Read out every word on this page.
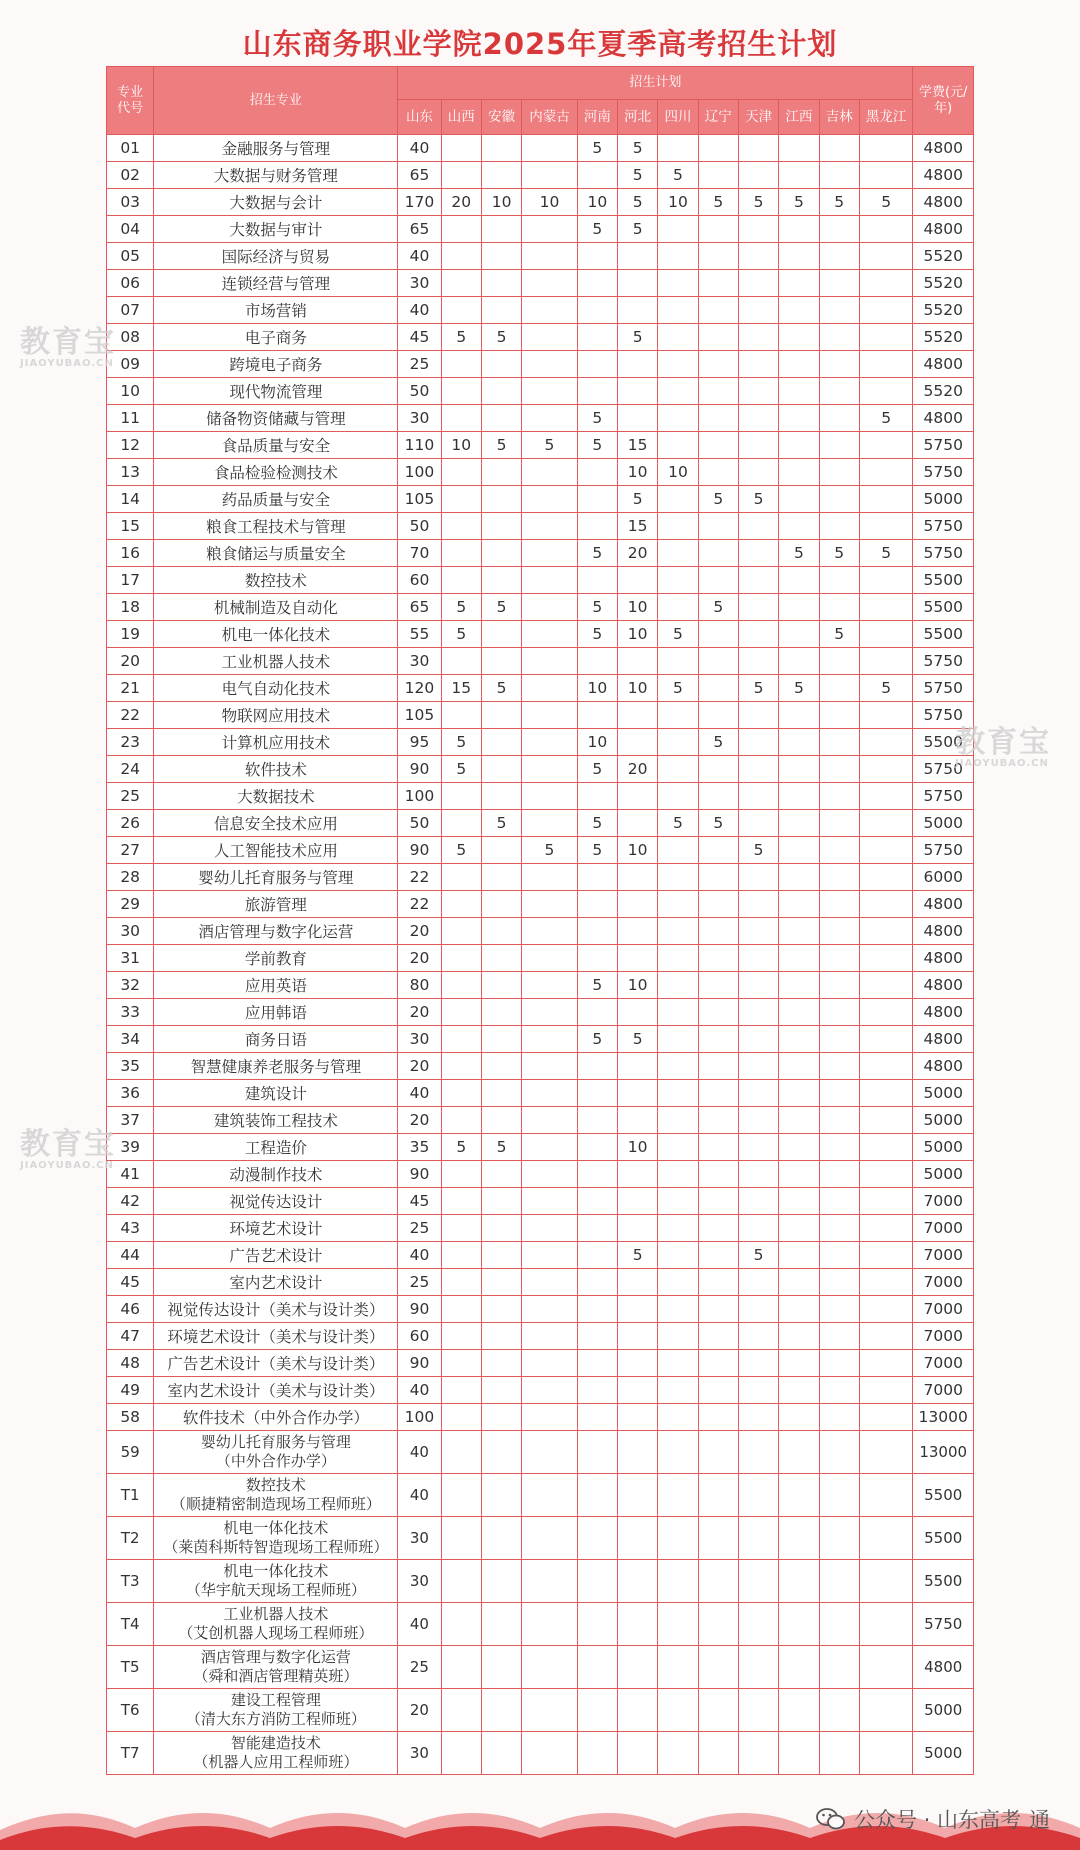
山东商务职业学院2025年夏季高考招生计划
专业代号	招生专业	招生计划												学费(元/年)
		山东	山西	安徽	内蒙古	河南	河北	四川	辽宁	天津	江西	吉林	黑龙江	
01	金融服务与管理	40				5	5							4800
02	大数据与财务管理	65					5	5						4800
03	大数据与会计	170	20	10	10	10	5	10	5	5	5	5	5	4800
04	大数据与审计	65				5	5							4800
05	国际经济与贸易	40												5520
06	连锁经营与管理	30												5520
07	市场营销	40												5520
08	电子商务	45	5	5			5							5520
09	跨境电子商务	25												4800
10	现代物流管理	50												5520
11	储备物资储藏与管理	30				5							5	4800
12	食品质量与安全	110	10	5	5	5	15							5750
13	食品检验检测技术	100					10	10						5750
14	药品质量与安全	105					5		5	5				5000
15	粮食工程技术与管理	50					15							5750
16	粮食储运与质量安全	70				5	20				5	5	5	5750
17	数控技术	60												5500
18	机械制造及自动化	65	5	5		5	10		5					5500
19	机电一体化技术	55	5			5	10	5				5		5500
20	工业机器人技术	30												5750
21	电气自动化技术	120	15	5		10	10	5		5	5		5	5750
22	物联网应用技术	105												5750
23	计算机应用技术	95	5			10			5					5500
24	软件技术	90	5			5	20							5750
25	大数据技术	100												5750
26	信息安全技术应用	50		5		5		5	5					5000
27	人工智能技术应用	90	5		5	5	10			5				5750
28	婴幼儿托育服务与管理	22												6000
29	旅游管理	22												4800
30	酒店管理与数字化运营	20												4800
31	学前教育	20												4800
32	应用英语	80				5	10							4800
33	应用韩语	20												4800
34	商务日语	30				5	5							4800
35	智慧健康养老服务与管理	20												4800
36	建筑设计	40												5000
37	建筑装饰工程技术	20												5000
39	工程造价	35	5	5			10							5000
41	动漫制作技术	90												5000
42	视觉传达设计	45												7000
43	环境艺术设计	25												7000
44	广告艺术设计	40					5			5				7000
45	室内艺术设计	25												7000
46	视觉传达设计（美术与设计类）	90												7000
47	环境艺术设计（美术与设计类）	60												7000
48	广告艺术设计（美术与设计类）	90												7000
49	室内艺术设计（美术与设计类）	40												7000
58	软件技术（中外合作办学）	100												13000
59	婴幼儿托育服务与管理
（中外合作办学）	40												13000
T1	数控技术
（顺捷精密制造现场工程师班）	40												5500
T2	机电一体化技术
（莱茵科斯特智造现场工程师班）	30												5500
T3	机电一体化技术
（华宇航天现场工程师班）	30												5500
T4	工业机器人技术
（艾创机器人现场工程师班）	40												5750
T5	酒店管理与数字化运营
（舜和酒店管理精英班）	25												4800
T6	建设工程管理
（清大东方消防工程师班）	20												5000
T7	智能建造技术
（机器人应用工程师班）	30												5000
教育宝
JIAOYUBAO.CN
教育宝
JIAOYUBAO.CN
教育宝
JIAOYUBAO.CN
公众号 · 山东高考 通
